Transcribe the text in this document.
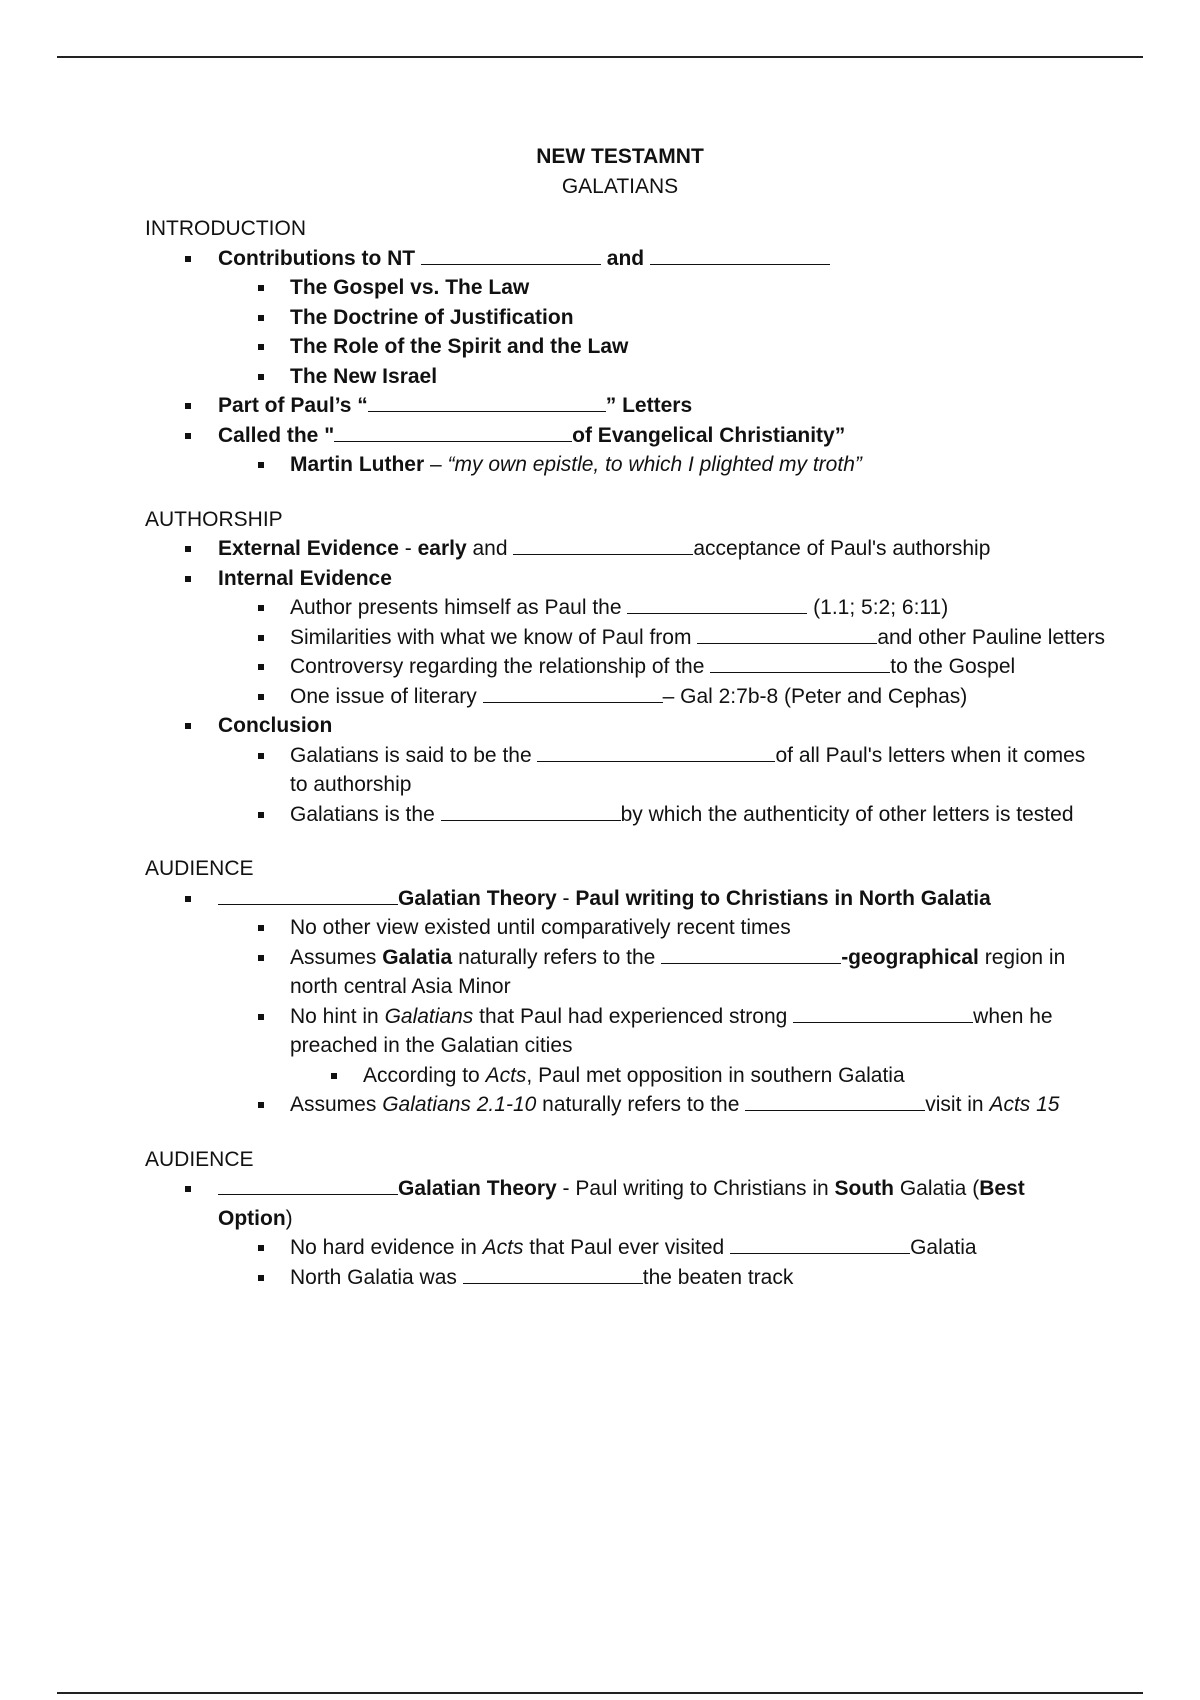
NEW TESTAMNT
GALATIANS
INTRODUCTION
Contributions to NT	and
The Gospel vs. The Law
The Doctrine of Justification
The Role of the Spirit and the Law
The New Israel
Part of Paul’s “	” Letters
Called the "	of Evangelical Christianity”
Martin Luther – “my own epistle, to which I plighted my troth”
AUTHORSHIP
External Evidence - early and	acceptance of Paul's authorship
Internal Evidence
Author presents himself as Paul the	(1.1; 5:2; 6:11)
Similarities with what we know of Paul from	and other Pauline letters
Controversy regarding the relationship of the	to the Gospel
One issue of literary	– Gal 2:7b-8 (Peter and Cephas)
Conclusion
Galatians is said to be the	of all Paul's letters when it comes to authorship
Galatians is the	by which the authenticity of other letters is tested
AUDIENCE
Galatian Theory - Paul writing to Christians in North Galatia
No other view existed until comparatively recent times
Assumes Galatia naturally refers to the	-geographical region in north central Asia Minor
No hint in Galatians that Paul had experienced strong	when he preached in the Galatian cities
According to Acts, Paul met opposition in southern Galatia
Assumes Galatians 2.1-10 naturally refers to the	visit in Acts 15
AUDIENCE
Galatian Theory - Paul writing to Christians in South Galatia (Best Option)
No hard evidence in Acts that Paul ever visited	Galatia
North Galatia was	the beaten track
